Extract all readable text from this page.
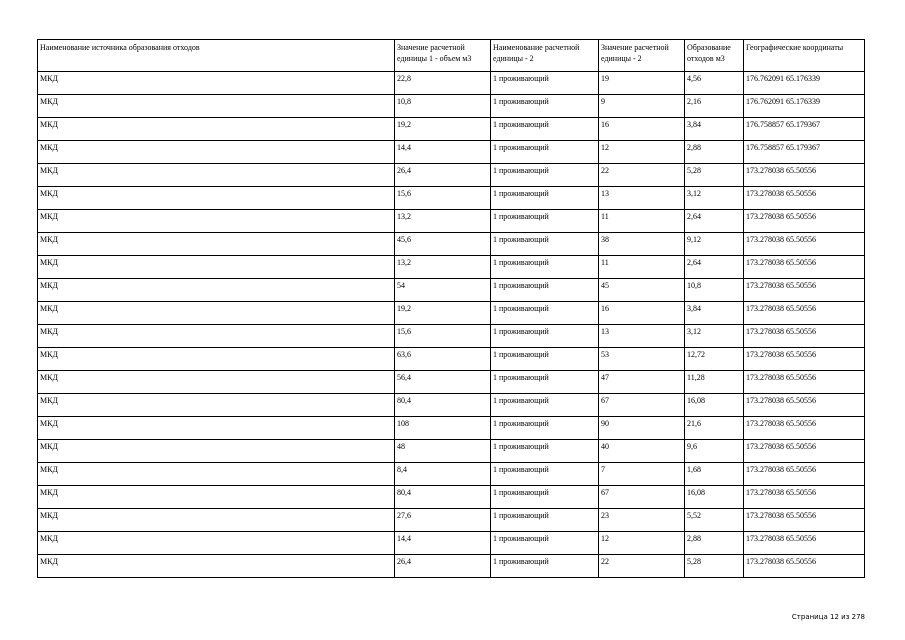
Наименование источника образования отходов	Значение расчетной единицы 1 - объем м3	Наименование расчетной единицы - 2	Значение расчетной единицы - 2	Образование отходов м3	Географические координаты
МКД	22,8	1 проживающий	19	4,56	176.762091 65.176339
МКД	10,8	1 проживающий	9	2,16	176.762091 65.176339
МКД	19,2	1 проживающий	16	3,84	176.758857 65.179367
МКД	14,4	1 проживающий	12	2,88	176.758857 65.179367
МКД	26,4	1 проживающий	22	5,28	173.278038 65.50556
МКД	15,6	1 проживающий	13	3,12	173.278038 65.50556
МКД	13,2	1 проживающий	11	2,64	173.278038 65.50556
МКД	45,6	1 проживающий	38	9,12	173.278038 65.50556
МКД	13,2	1 проживающий	11	2,64	173.278038 65.50556
МКД	54	1 проживающий	45	10,8	173.278038 65.50556
МКД	19,2	1 проживающий	16	3,84	173.278038 65.50556
МКД	15,6	1 проживающий	13	3,12	173.278038 65.50556
МКД	63,6	1 проживающий	53	12,72	173.278038 65.50556
МКД	56,4	1 проживающий	47	11,28	173.278038 65.50556
МКД	80,4	1 проживающий	67	16,08	173.278038 65.50556
МКД	108	1 проживающий	90	21,6	173.278038 65.50556
МКД	48	1 проживающий	40	9,6	173.278038 65.50556
МКД	8,4	1 проживающий	7	1,68	173.278038 65.50556
МКД	80,4	1 проживающий	67	16,08	173.278038 65.50556
МКД	27,6	1 проживающий	23	5,52	173.278038 65.50556
МКД	14,4	1 проживающий	12	2,88	173.278038 65.50556
МКД	26,4	1 проживающий	22	5,28	173.278038 65.50556
Страница 12 из 278
